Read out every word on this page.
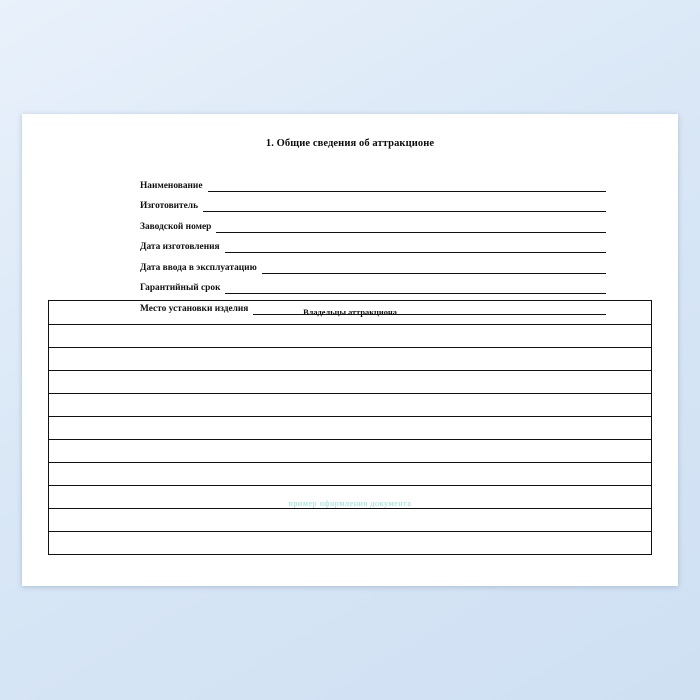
1. Общие сведения об аттракционе
Наименование
Изготовитель
Заводской номер
Дата изготовления
Дата ввода в эксплуатацию
Гарантийный срок
Место установки изделия	Владельцы аттракциона

пример оформления документа
